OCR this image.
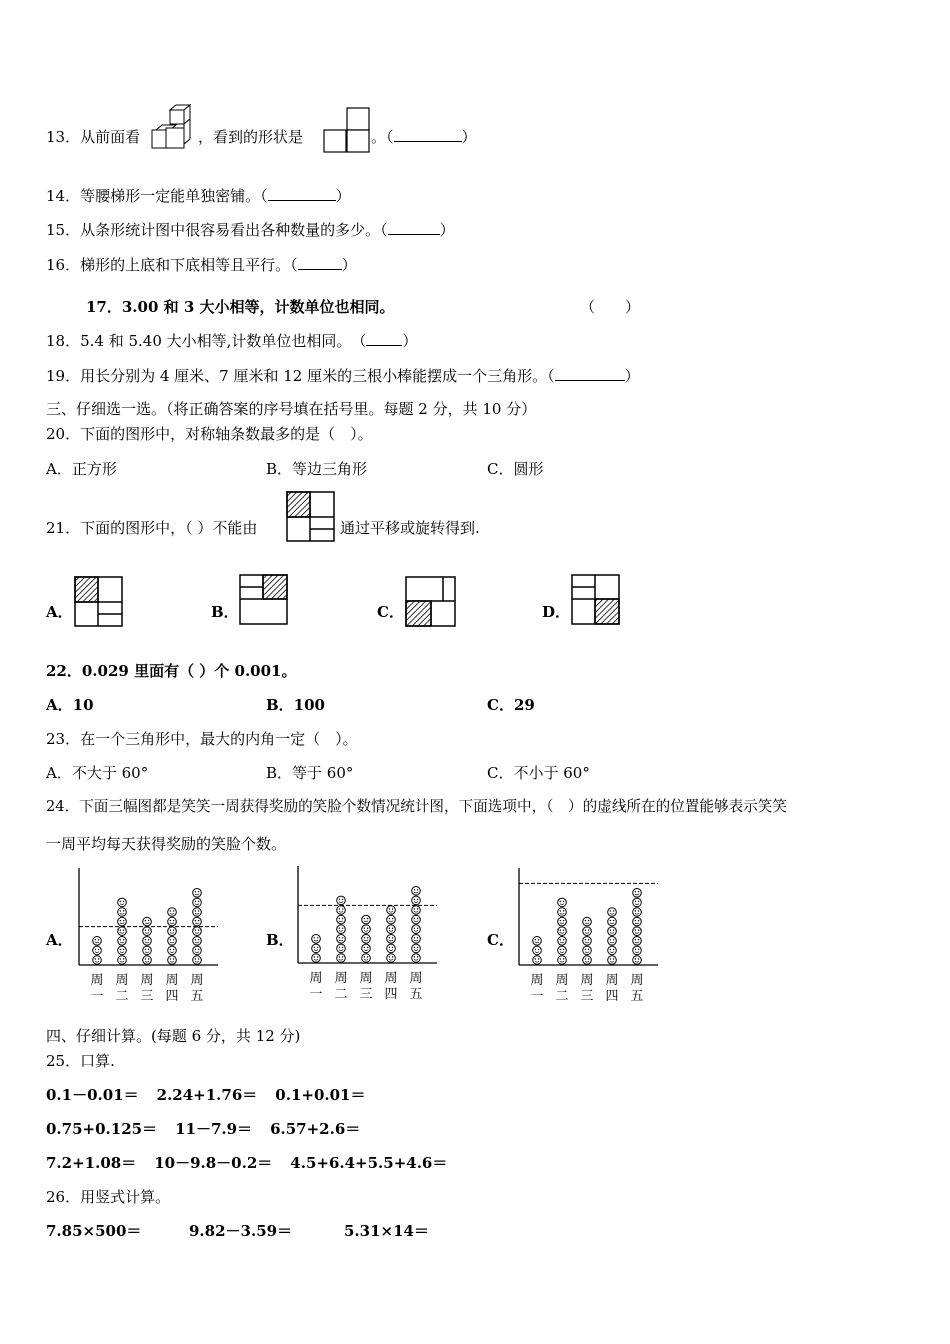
13．从前面看	，看到的形状是	。（	）
14．等腰梯形一定能单独密铺。（	）
15．从条形统计图中很容易看出各种数量的多少。（	）
16．梯形的上底和下底相等且平行。（	）
17．3.00 和 3 大小相等，计数单位也相同。	（　　）
18．5.4 和 5.40 大小相等,计数单位也相同。　（ ）
19．用长分别为 4 厘米、7 厘米和 12 厘米的三根小棒能摆成一个三角形。（	）
三、仔细选一选。（将正确答案的序号填在括号里。每题 2 分，共 10 分）
20．下面的图形中，对称轴条数最多的是（　）。
A．正方形	B．等边三角形	C．圆形
21．下面的图形中，（ ）不能由	通过平移或旋转得到.
A．	B．	C．	D．
22．0.029 里面有（ ）个 0.001。
A．10	B．100	C．29
23．在一个三角形中，最大的内角一定（　）。
A．不大于 60°	B．等于 60°	C．不小于 60°
24．下面三幅图都是笑笑一周获得奖励的笑脸个数情况统计图，下面选项中，（　）的虚线所在的位置能够表示笑笑
一周平均每天获得奖励的笑脸个数。
A．
周
一
周
二
周
三
周
四
周
五
B．
周
一
周
二
周
三
周
四
周
五
C．
周
一
周
二
周
三
周
四
周
五
四、仔细计算。(每题 6 分，共 12 分)
25．口算.
0.1－0.01＝ 2.24+1.76＝ 0.1+0.01＝
0.75+0.125＝ 11－7.9＝ 6.57+2.6＝
7.2+1.08＝ 10－9.8－0.2＝ 4.5+6.4+5.5+4.6＝
26．用竖式计算。
7.85×500＝	9.82－3.59＝	5.31×14＝
